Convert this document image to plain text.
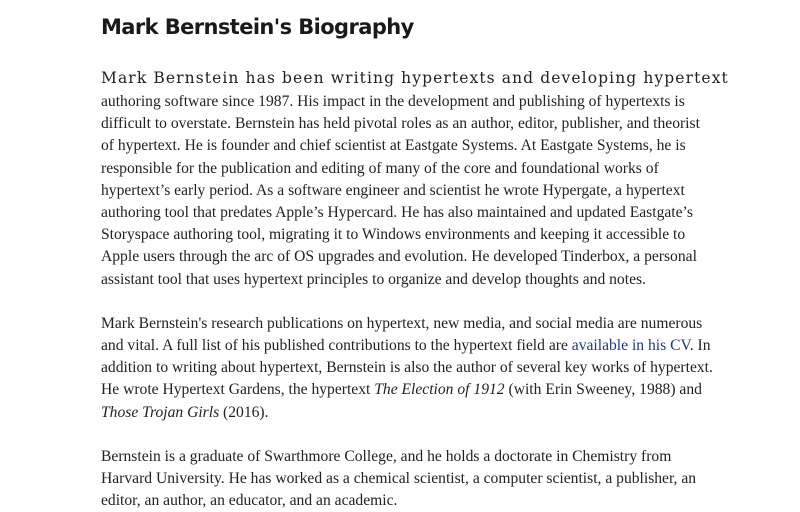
Mark Bernstein's Biography
Mark Bernstein has been writing hypertexts and developing hypertext

authoring software since 1987. His impact in the development and publishing of hypertexts is difficult to overstate. Bernstein has held pivotal roles as an author, editor, publisher, and theorist of hypertext. He is founder and chief scientist at Eastgate Systems. At Eastgate Systems, he is responsible for the publication and editing of many of the core and foundational works of hypertext’s early period. As a software engineer and scientist he wrote Hypergate, a hypertext authoring tool that predates Apple’s Hypercard. He has also maintained and updated Eastgate’s Storyspace authoring tool, migrating it to Windows environments and keeping it accessible to Apple users through the arc of OS upgrades and evolution. He developed Tinderbox, a personal assistant tool that uses hypertext principles to organize and develop thoughts and notes.

Mark Bernstein's research publications on hypertext, new media, and social media are numerous and vital. A full list of his published contributions to the hypertext field are available in his CV. In addition to writing about hypertext, Bernstein is also the author of several key works of hypertext. He wrote Hypertext Gardens, the hypertext The Election of 1912 (with Erin Sweeney, 1988) and Those Trojan Girls (2016).

Bernstein is a graduate of Swarthmore College, and he holds a doctorate in Chemistry from Harvard University. He has worked as a chemical scientist, a computer scientist, a publisher, an editor, an author, an educator, and an academic.
